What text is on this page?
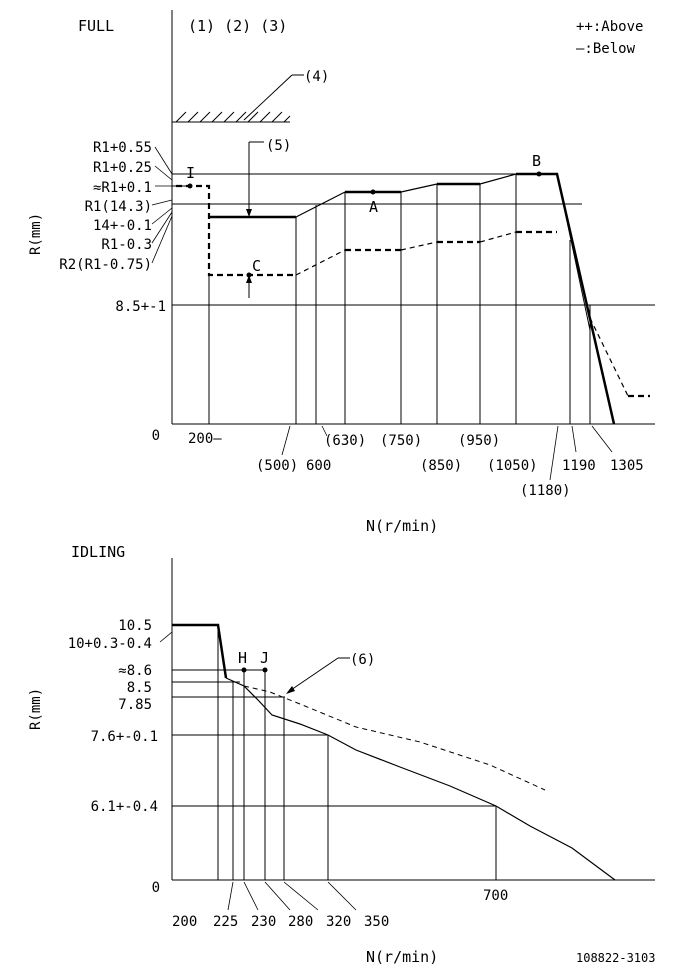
FULL	(1) (2) (3)	++:Above
—:Below
(4)
R1+0.55
R1+0.25
≈R1+0.1
R1(14.3)
14+-0.1
R1-0.3
R2(R1-0.75)
8.5+-1
0
R(mm)
I
B
A
C
(5)
200—
(500) 600
(630) (750)
(850)
(950)
(1050) 1190 1305
(1180)
N(r/min)
IDLING
10.5
10+0.3-0.4
≈8.6
8.5
7.85
7.6+-0.1
6.1+-0.4
0
R(mm)
H J	(6)
200 225 230 280 320 350
700
N(r/min)	108822-3103
